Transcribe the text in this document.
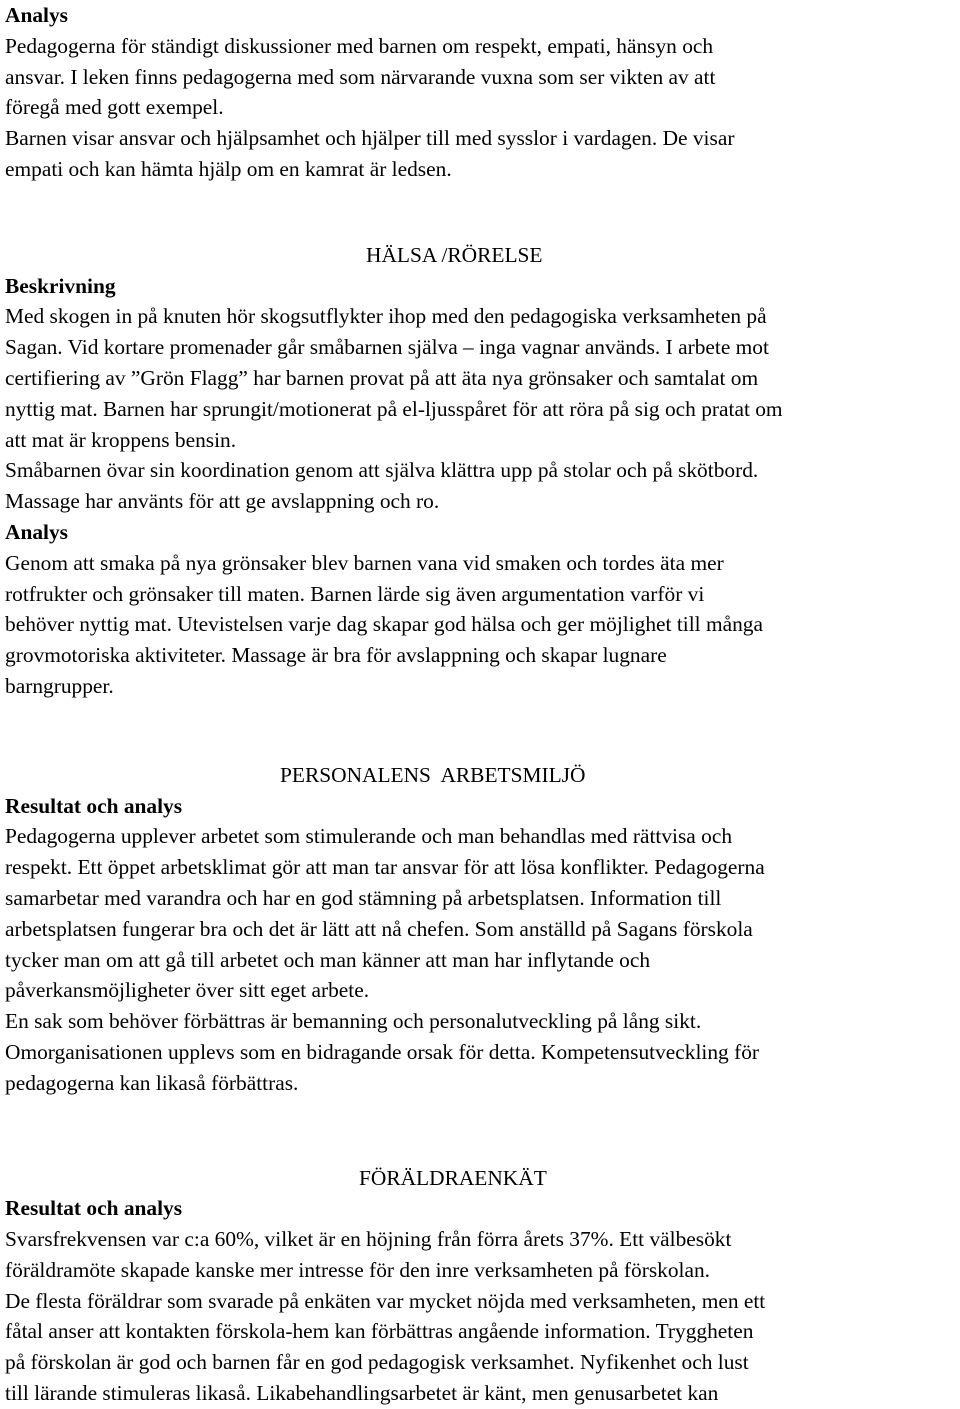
Analys

Pedagogerna för ständigt diskussioner med barnen om respekt, empati, hänsyn och

ansvar. I leken finns pedagogerna med som närvarande vuxna som ser vikten av att

föregå med gott exempel.

Barnen visar ansvar och hjälpsamhet och hjälper till med sysslor i vardagen. De visar

empati och kan hämta hjälp om en kamrat är ledsen.

HÄLSA /RÖRELSE

Beskrivning

Med skogen in på knuten hör skogsutflykter ihop med den pedagogiska verksamheten på

Sagan. Vid kortare promenader går småbarnen själva – inga vagnar används. I arbete mot

certifiering av ”Grön Flagg” har barnen provat på att äta nya grönsaker och samtalat om

nyttig mat. Barnen har sprungit/motionerat på el-ljusspåret för att röra på sig och pratat om

att mat är kroppens bensin.

Småbarnen övar sin koordination genom att själva klättra upp på stolar och på skötbord.

Massage har använts för att ge avslappning och ro.

Analys

Genom att smaka på nya grönsaker blev barnen vana vid smaken och tordes äta mer

rotfrukter och grönsaker till maten. Barnen lärde sig även argumentation varför vi

behöver nyttig mat. Utevistelsen varje dag skapar god hälsa och ger möjlighet till många

grovmotoriska aktiviteter. Massage är bra för avslappning och skapar lugnare

barngrupper.

PERSONALENS  ARBETSMILJÖ

Resultat och analys

Pedagogerna upplever arbetet som stimulerande och man behandlas med rättvisa och

respekt. Ett öppet arbetsklimat gör att man tar ansvar för att lösa konflikter. Pedagogerna

samarbetar med varandra och har en god stämning på arbetsplatsen. Information till

arbetsplatsen fungerar bra och det är lätt att nå chefen. Som anställd på Sagans förskola

tycker man om att gå till arbetet och man känner att man har inflytande och

påverkansmöjligheter över sitt eget arbete.

En sak som behöver förbättras är bemanning och personalutveckling på lång sikt.

Omorganisationen upplevs som en bidragande orsak för detta. Kompetensutveckling för

pedagogerna kan likaså förbättras.

FÖRÄLDRAENKÄT

Resultat och analys

Svarsfrekvensen var c:a 60%, vilket är en höjning från förra årets 37%. Ett välbesökt

föräldramöte skapade kanske mer intresse för den inre verksamheten på förskolan.

De flesta föräldrar som svarade på enkäten var mycket nöjda med verksamheten, men ett

fåtal anser att kontakten förskola-hem kan förbättras angående information. Tryggheten

på förskolan är god och barnen får en god pedagogisk verksamhet. Nyfikenhet och lust

till lärande stimuleras likaså. Likabehandlingsarbetet är känt, men genusarbetet kan
